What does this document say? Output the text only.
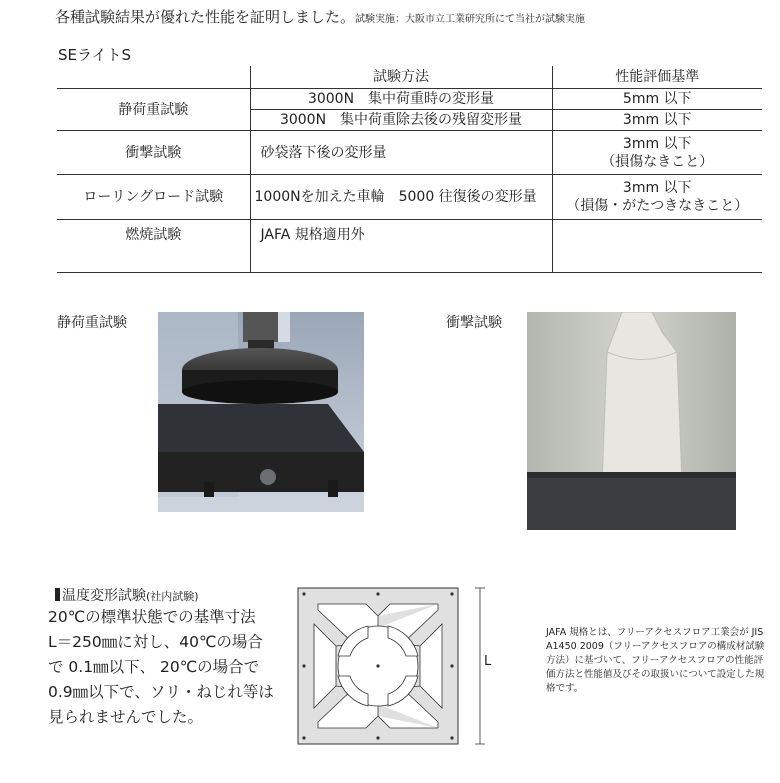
各種試験結果が優れた性能を証明しました。試験実施：大阪市立工業研究所にて当社が試験実施
SEライトS
	試験方法	性能評価基準
静荷重試験	3000N　集中荷重時の変形量	5mm 以下
	3000N　集中荷重除去後の残留変形量	3mm 以下
衝撃試験	砂袋落下後の変形量	3mm 以下
（損傷なきこと）
ローリングロード試験	1000Nを加えた車輪　5000 往復後の変形量	3mm 以下
（損傷・がたつきなきこと）
燃焼試験	JAFA 規格適用外	
静荷重試験	衝撃試験
温度変形試験(社内試験)
20℃の標準状態での基準寸法
L＝250㎜に対し、40℃の場合
で 0.1㎜以下、 20℃の場合で
0.9㎜以下で、ソリ・ねじれ等は
見られませんでした。
L
JAFA 規格とは、フリーアクセスフロア工業会が JIS A1450 2009（フリーアクセスフロアの構成材試験方法）に基づいて、フリーアクセスフロアの性能評価方法と性能値及びその取扱いについて設定した規格です。
